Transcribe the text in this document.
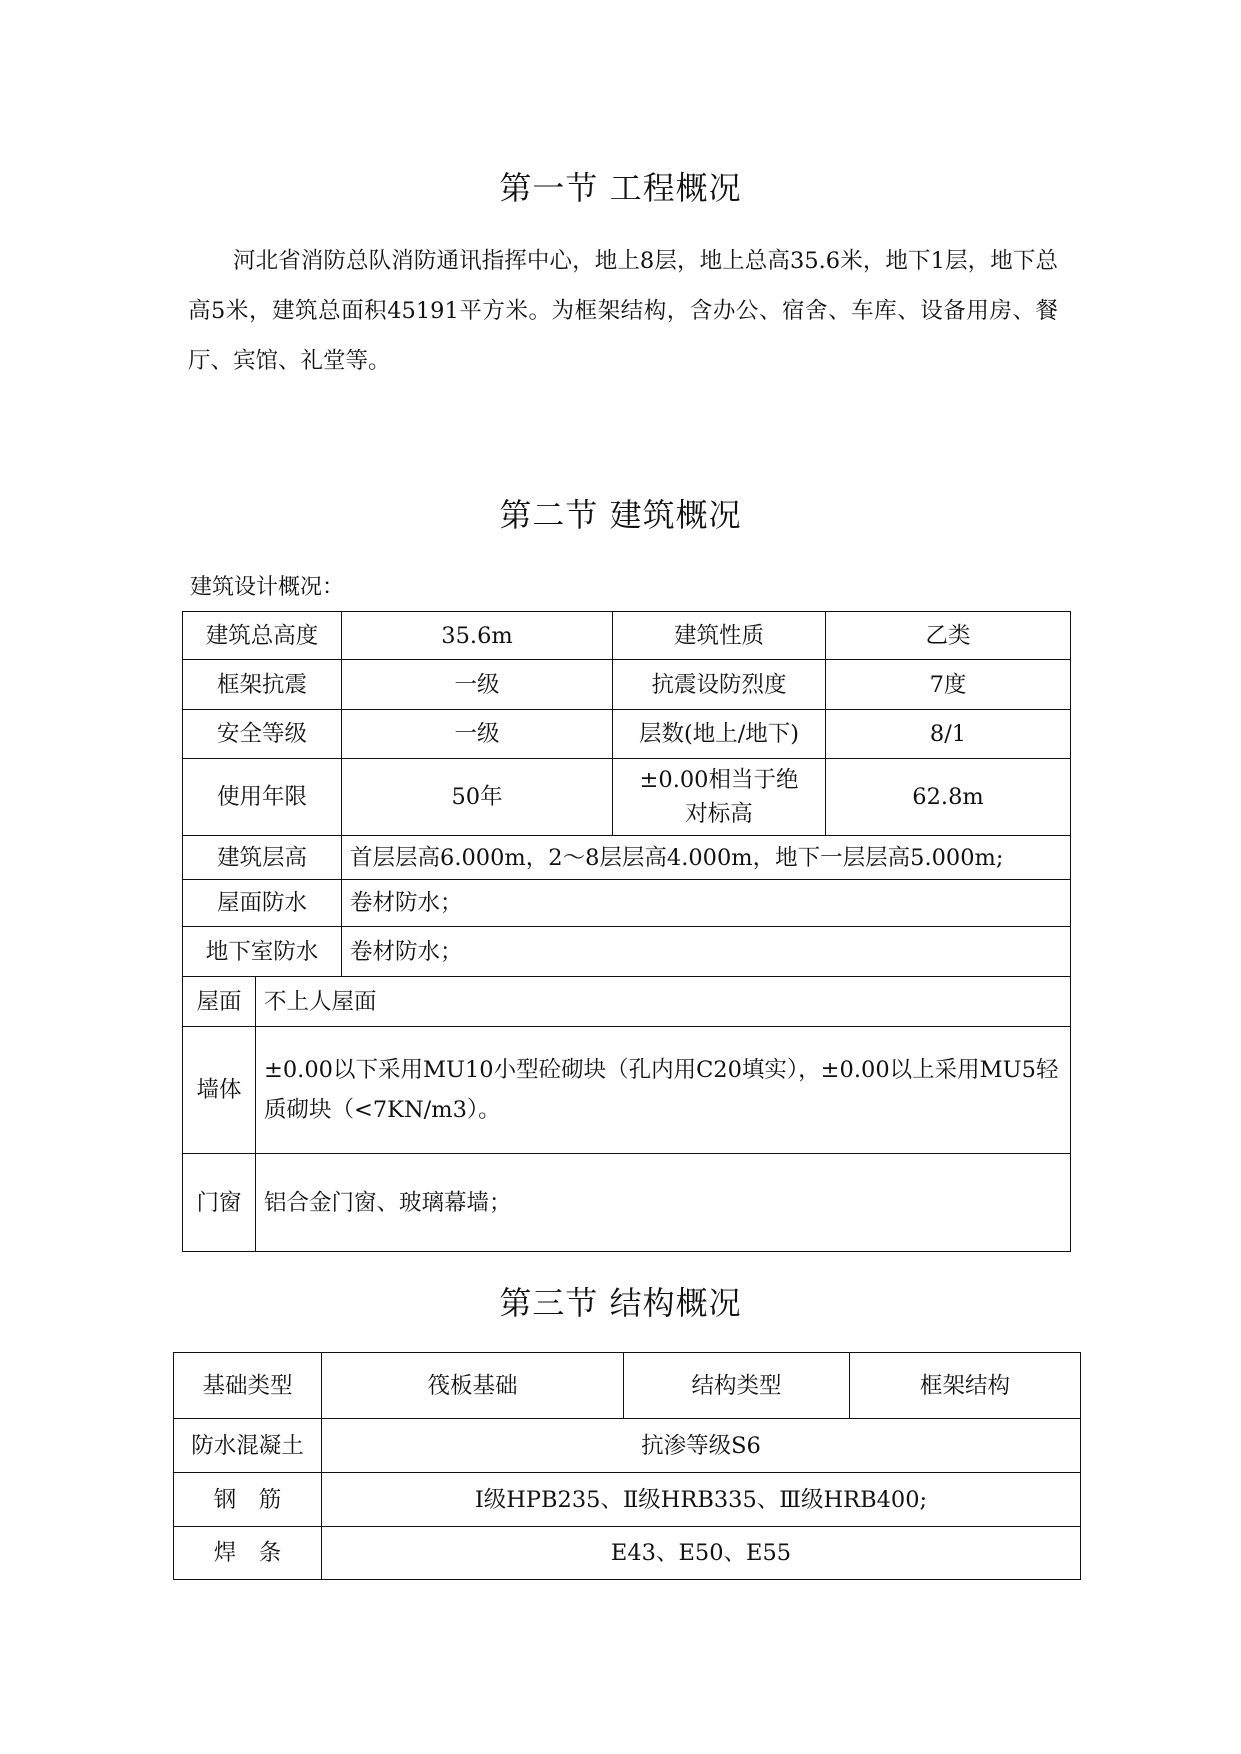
第一节 工程概况

河北省消防总队消防通讯指挥中心，地上8层，地上总高35.6米，地下1层，地下总高5米，建筑总面积45191平方米。为框架结构，含办公、宿舍、车库、设备用房、餐厅、宾馆、礼堂等。

第二节 建筑概况

建筑设计概况：

建筑总高度		35.6m	建筑性质	乙类
框架抗震		一级	抗震设防烈度	7度
安全等级		一级	层数(地上/地下)	8/1
使用年限		50年	±0.00相当于绝对标高	62.8m
建筑层高		首层层高6.000m，2～8层层高4.000m，地下一层层高5.000m;		
屋面防水		卷材防水；		
地下室防水		卷材防水；		
屋面	不上人屋面			
墙体	±0.00以下采用MU10小型砼砌块（孔内用C20填实），±0.00以上采用MU5轻质砌块（<7KN/m3）。			
门窗	铝合金门窗、玻璃幕墙；			
第三节 结构概况
基础类型	筏板基础	结构类型	框架结构
防水混凝土	抗渗等级S6		
钢　筋	Ⅰ级HPB235、Ⅱ级HRB335、Ⅲ级HRB400;		
焊　条	E43、E50、E55		
